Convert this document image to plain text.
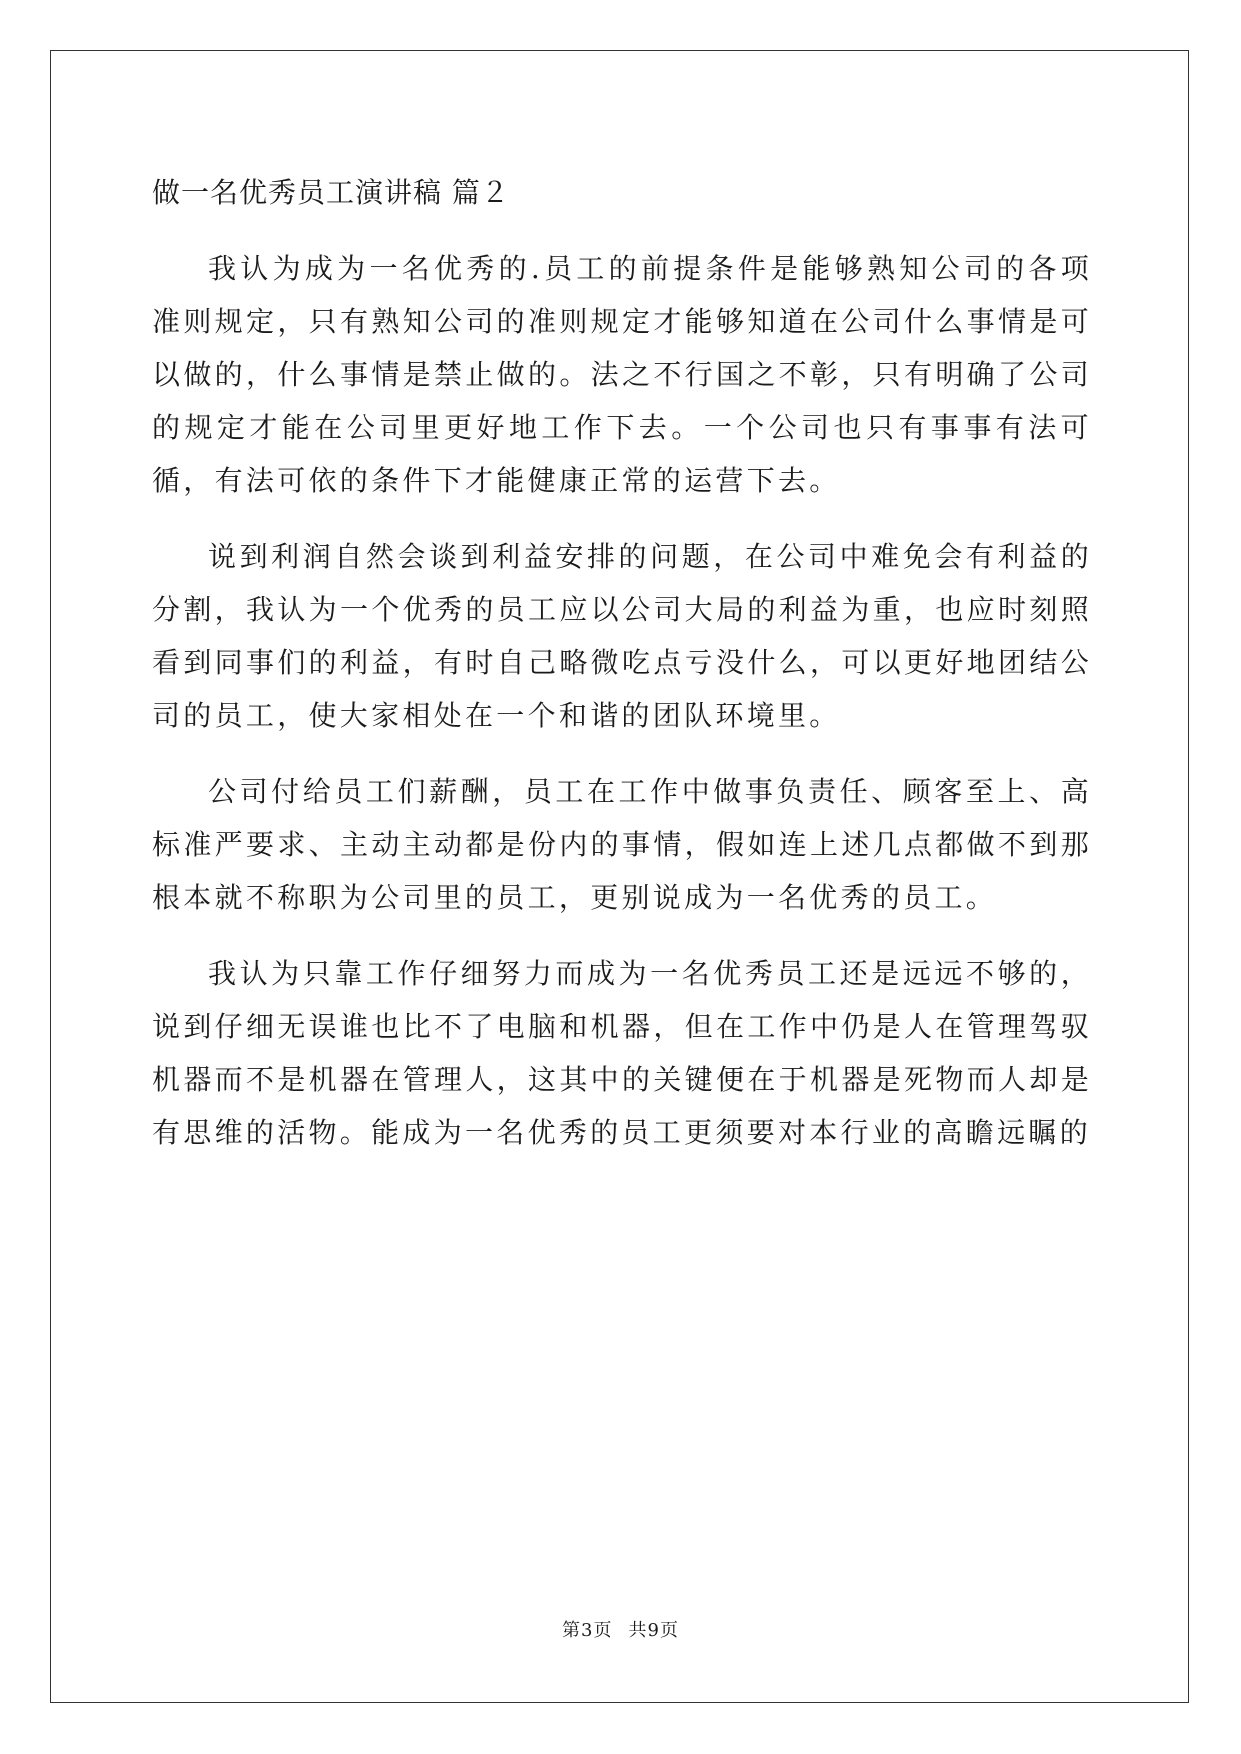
做一名优秀员工演讲稿 篇２

我认为成为一名优秀的.员工的前提条件是能够熟知公司的各项准则规定，只有熟知公司的准则规定才能够知道在公司什么事情是可以做的，什么事情是禁止做的。法之不行国之不彰，只有明确了公司的规定才能在公司里更好地工作下去。一个公司也只有事事有法可循，有法可依的条件下才能健康正常的运营下去。

说到利润自然会谈到利益安排的问题，在公司中难免会有利益的分割，我认为一个优秀的员工应以公司大局的利益为重，也应时刻照看到同事们的利益，有时自己略微吃点亏没什么，可以更好地团结公司的员工，使大家相处在一个和谐的团队环境里。

公司付给员工们薪酬，员工在工作中做事负责任、顾客至上、高标准严要求、主动主动都是份内的事情，假如连上述几点都做不到那根本就不称职为公司里的员工，更别说成为一名优秀的员工。

我认为只靠工作仔细努力而成为一名优秀员工还是远远不够的，说到仔细无误谁也比不了电脑和机器，但在工作中仍是人在管理驾驭机器而不是机器在管理人，这其中的关键便在于机器是死物而人却是有思维的活物。能成为一名优秀的员工更须要对本行业的高瞻远瞩的

第3页 共9页
